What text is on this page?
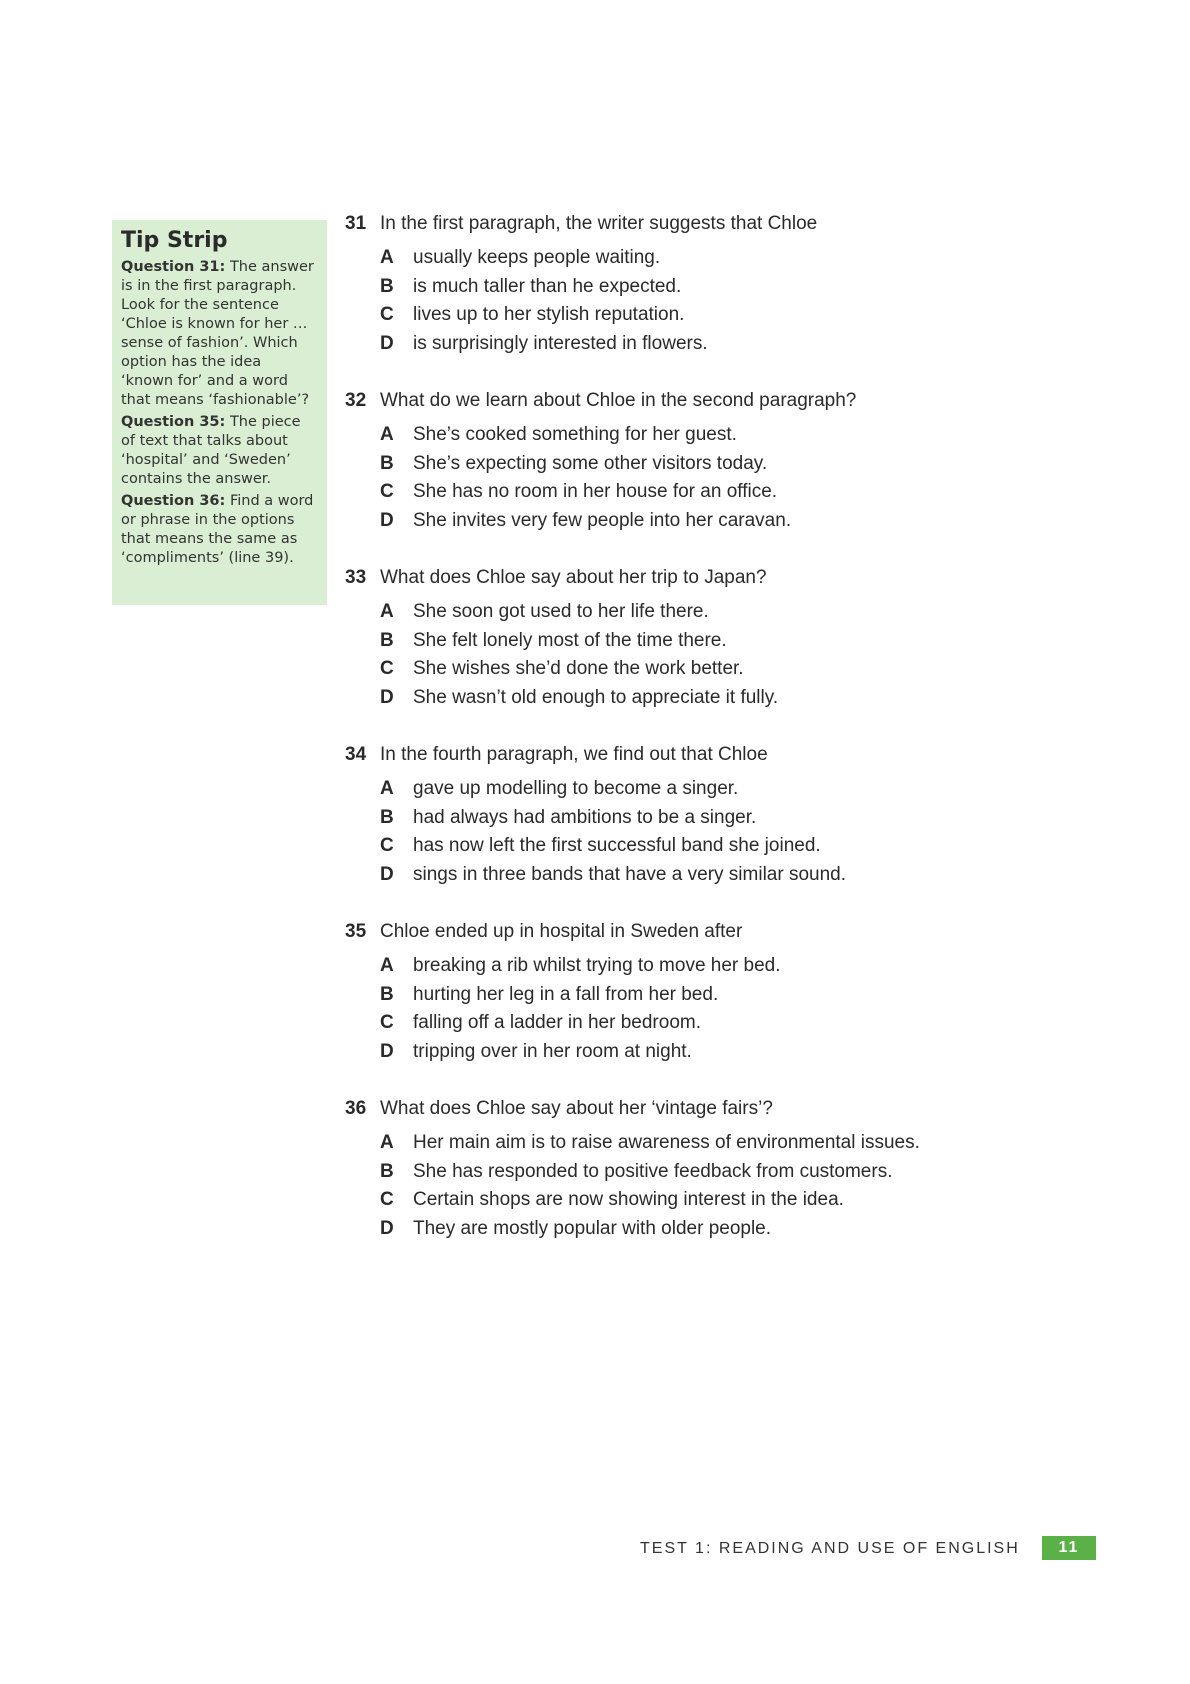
Tip Strip

Question 31: The answer is in the first paragraph. Look for the sentence ‘Chloe is known for her … sense of fashion’. Which option has the idea ‘known for’ and a word that means ‘fashionable’?

Question 35: The piece of text that talks about ‘hospital’ and ‘Sweden’ contains the answer.

Question 36: Find a word or phrase in the options that means the same as ‘compliments’ (line 39).

31 In the first paragraph, the writer suggests that Chloe
A	usually keeps people waiting.
B	is much taller than he expected.
C	lives up to her stylish reputation.
D	is surprisingly interested in flowers.
32 What do we learn about Chloe in the second paragraph?
A	She’s cooked something for her guest.
B	She’s expecting some other visitors today.
C	She has no room in her house for an office.
D	She invites very few people into her caravan.
33 What does Chloe say about her trip to Japan?
A	She soon got used to her life there.
B	She felt lonely most of the time there.
C	She wishes she’d done the work better.
D	She wasn’t old enough to appreciate it fully.
34 In the fourth paragraph, we find out that Chloe
A	gave up modelling to become a singer.
B	had always had ambitions to be a singer.
C	has now left the first successful band she joined.
D	sings in three bands that have a very similar sound.
35 Chloe ended up in hospital in Sweden after
A	breaking a rib whilst trying to move her bed.
B	hurting her leg in a fall from her bed.
C	falling off a ladder in her bedroom.
D	tripping over in her room at night.
36 What does Chloe say about her ‘vintage fairs’?
A	Her main aim is to raise awareness of environmental issues.
B	She has responded to positive feedback from customers.
C	Certain shops are now showing interest in the idea.
D	They are mostly popular with older people.
TEST 1: READING AND USE OF ENGLISH	11
